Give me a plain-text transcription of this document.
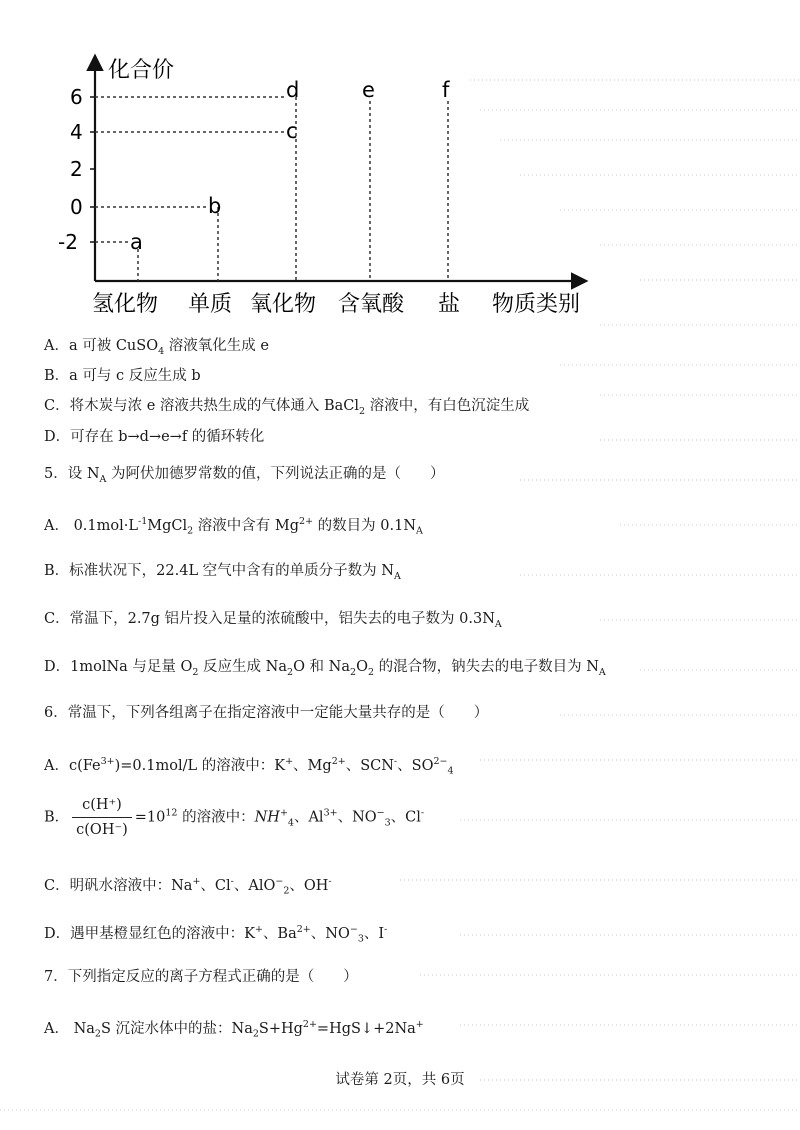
化合价
6
4
2
0
-2
d	e	f
c
b
a
氢化物 单质 氧化物 含氧酸 盐 物质类别
A．a 可被 CuSO$_4$ 溶液氧化生成 e
B．a 可与 c 反应生成 b
C．将木炭与浓 e 溶液共热生成的气体通入 BaCl$_2$ 溶液中，有白色沉淀生成
D．可存在 b→d→e→f 的循环转化
5．设 $N_A$ 为阿伏加德罗常数的值，下列说法正确的是（　　）
A． $0.1mol\cdot L^{-1}MgCl_2$ 溶液中含有 $Mg^{2+}$ 的数目为 $0.1N_A$
B．标准状况下，22.4L 空气中含有的单质分子数为 $N_A$
C．常温下，2.7g 铝片投入足量的浓硫酸中，铝失去的电子数为 $0.3N_A$
D．1molNa 与足量 $O_2$ 反应生成 $Na_2O$ 和 $Na_2O_2$ 的混合物，钠失去的电子数目为 $N_A$
6．常温下，下列各组离子在指定溶液中一定能大量共存的是（　　）
A．$c(Fe^{3+})=0.1mol/L$ 的溶液中：K+、$Mg^{2+}$、SCN-、$SO^{2-}_4$
B． $\frac{c(H^+)}{c(OH^-)} =10^{12}$ 的溶液中：$NH^+_4$、$Al^{3+}$、$NO^-_3$、Cl-
C．明矾水溶液中：Na+、Cl-、AlO−$_2$、OH-
D．遇甲基橙显红色的溶液中：K+、$Ba^{2+}$、$NO^-_3$、I-
7．下列指定反应的离子方程式正确的是（　　）
A． $Na_2S$ 沉淀水体中的盐：$Na_2S+Hg^{2+}=HgS↓+2Na^+$
试卷第 2页，共 6页
